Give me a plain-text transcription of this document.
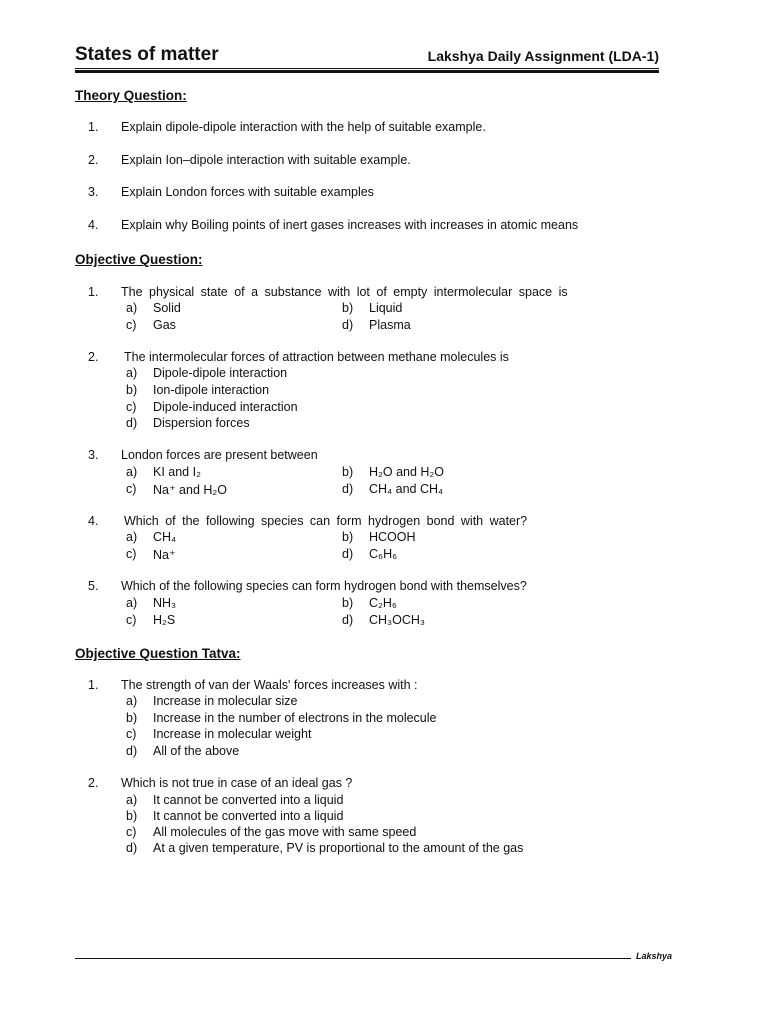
States of matter	Lakshya Daily Assignment (LDA-1)
Theory Question:
1. Explain dipole-dipole interaction with the help of suitable example.
2. Explain Ion–dipole interaction with suitable example.
3. Explain London forces with suitable examples
4. Explain why Boiling points of inert gases increases with increases in atomic means
Objective Question:
1. The physical state of a substance with lot of empty intermolecular space is
a) Solid	b) Liquid
c) Gas	d) Plasma
2. The intermolecular forces of attraction between methane molecules is
a) Dipole-dipole interaction
b) Ion-dipole interaction
c) Dipole-induced interaction
d) Dispersion forces
3. London forces are present between
a) KI and I₂	b) H₂O and H₂O
c) Na⁺ and H₂O	d) CH₄ and CH₄
4. Which of the following species can form hydrogen bond with water?
a) CH₄	b) HCOOH
c) Na⁺	d) C₆H₆
5. Which of the following species can form hydrogen bond with themselves?
a) NH₃	b) C₂H₆
c) H₂S	d) CH₃OCH₃
Objective Question Tatva:
1. The strength of van der Waals' forces increases with :
a) Increase in molecular size
b) Increase in the number of electrons in the molecule
c) Increase in molecular weight
d) All of the above
2. Which is not true in case of an ideal gas ?
a) It cannot be converted into a liquid
b) It cannot be converted into a liquid
c) All molecules of the gas move with same speed
d) At a given temperature, PV is proportional to the amount of the gas
Lakshya
